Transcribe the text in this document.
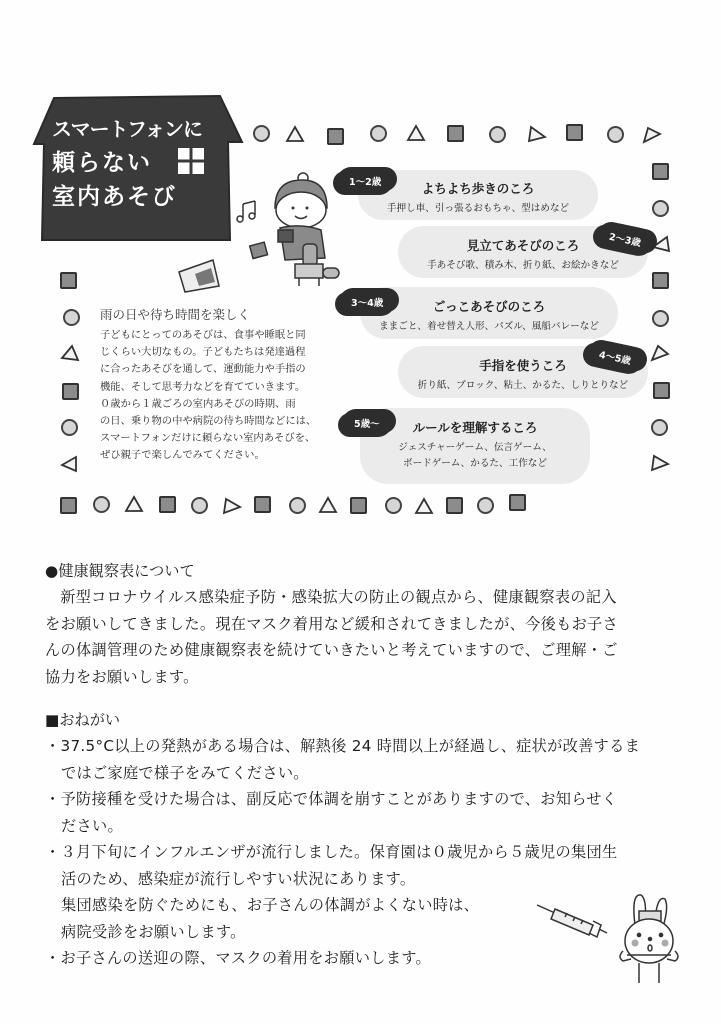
スマートフォンに
頼らない
室内あそび
雨の日や待ち時間を楽しく
子どもにとってのあそびは、食事や睡眠と同
じくらい大切なもの。子どもたちは発達過程
に合ったあそびを通して、運動能力や手指の
機能、そして思考力などを育てていきます。
０歳から１歳ごろの室内あそびの時期、雨
の日、乗り物の中や病院の待ち時間などには、
スマートフォンだけに頼らない室内あそびを、
ぜひ親子で楽しんでみてください。
よちよち歩きのころ
手押し車、引っ張るおもちゃ、型はめなど
1～2歳
見立てあそびのころ
手あそび歌、積み木、折り紙、お絵かきなど
2～3歳
ごっこあそびのころ
ままごと、着せ替え人形、パズル、風船バレーなど
3～4歳
手指を使うころ
折り紙、ブロック、粘土、かるた、しりとりなど
4～5歳
ルールを理解するころ
ジェスチャーゲーム、伝言ゲーム、
ボードゲーム、かるた、工作など
5歳～
●健康観察表について
新型コロナウイルス感染症予防・感染拡大の防止の観点から、健康観察表の記入
をお願いしてきました。現在マスク着用など緩和されてきましたが、今後もお子さ
んの体調管理のため健康観察表を続けていきたいと考えていますので、ご理解・ご
協力をお願いします。
■おねがい
・37.5°C以上の発熱がある場合は、解熱後 24 時間以上が経過し、症状が改善するま
ではご家庭で様子をみてください。
・予防接種を受けた場合は、副反応で体調を崩すことがありますので、お知らせく
ださい。
・３月下旬にインフルエンザが流行しました。保育園は０歳児から５歳児の集団生
活のため、感染症が流行しやすい状況にあります。
集団感染を防ぐためにも、お子さんの体調がよくない時は、
病院受診をお願いします。
・お子さんの送迎の際、マスクの着用をお願いします。
